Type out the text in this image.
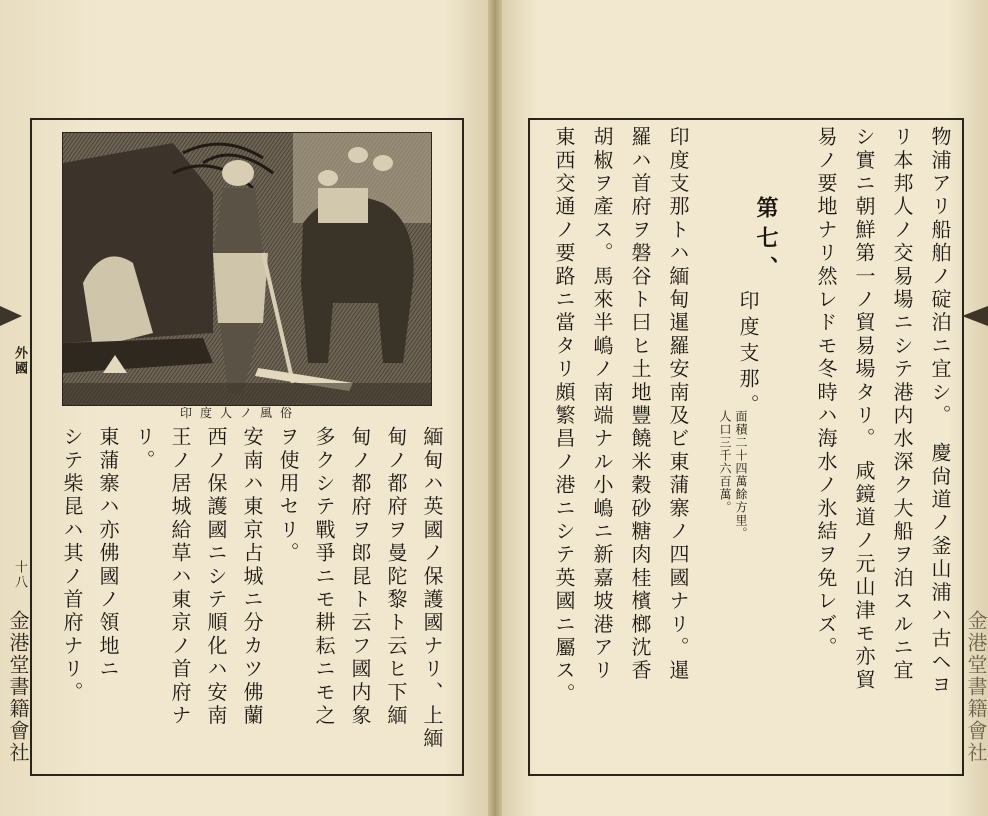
印度人ノ風俗
緬甸ハ英國ノ保護國ナリ、上緬
甸ノ都府ヲ曼陀黎ト云ヒ下緬
甸ノ都府ヲ郎昆ト云フ國内象
多クシテ戰爭ニモ耕耘ニモ之
ヲ使用セリ。
安南ハ東京占城ニ分カツ佛蘭
西ノ保護國ニシテ順化ハ安南
王ノ居城給草ハ東京ノ首府ナ
リ。
東蒲寨ハ亦佛國ノ領地ニ
シテ柴昆ハ其ノ首府ナリ。
外國
十八
金港堂書籍會社
物浦アリ船舶ノ碇泊ニ宜シ。
慶尙道ノ釜山浦ハ古ヘヨ
リ本邦人ノ交易場ニシテ港内水深ク大船ヲ泊スルニ宜
シ實ニ朝鮮第一ノ貿易場タリ。
咸鏡道ノ元山津モ亦貿
易ノ要地ナリ然レドモ冬時ハ海水ノ氷結ヲ免レズ。
第七、
印度支那。
面積二十四萬餘方里。
人口三千六百萬。
印度支那トハ緬甸暹羅安南及ビ東蒲寨ノ四國ナリ。暹
羅ハ首府ヲ磐谷ト曰ヒ土地豐饒米穀砂糖肉桂檳榔沈香
胡椒ヲ產ス。馬來半嶋ノ南端ナル小嶋ニ新嘉坡港アリ
東西交通ノ要路ニ當タリ頗繁昌ノ港ニシテ英國ニ屬ス。	金港堂書籍會社
